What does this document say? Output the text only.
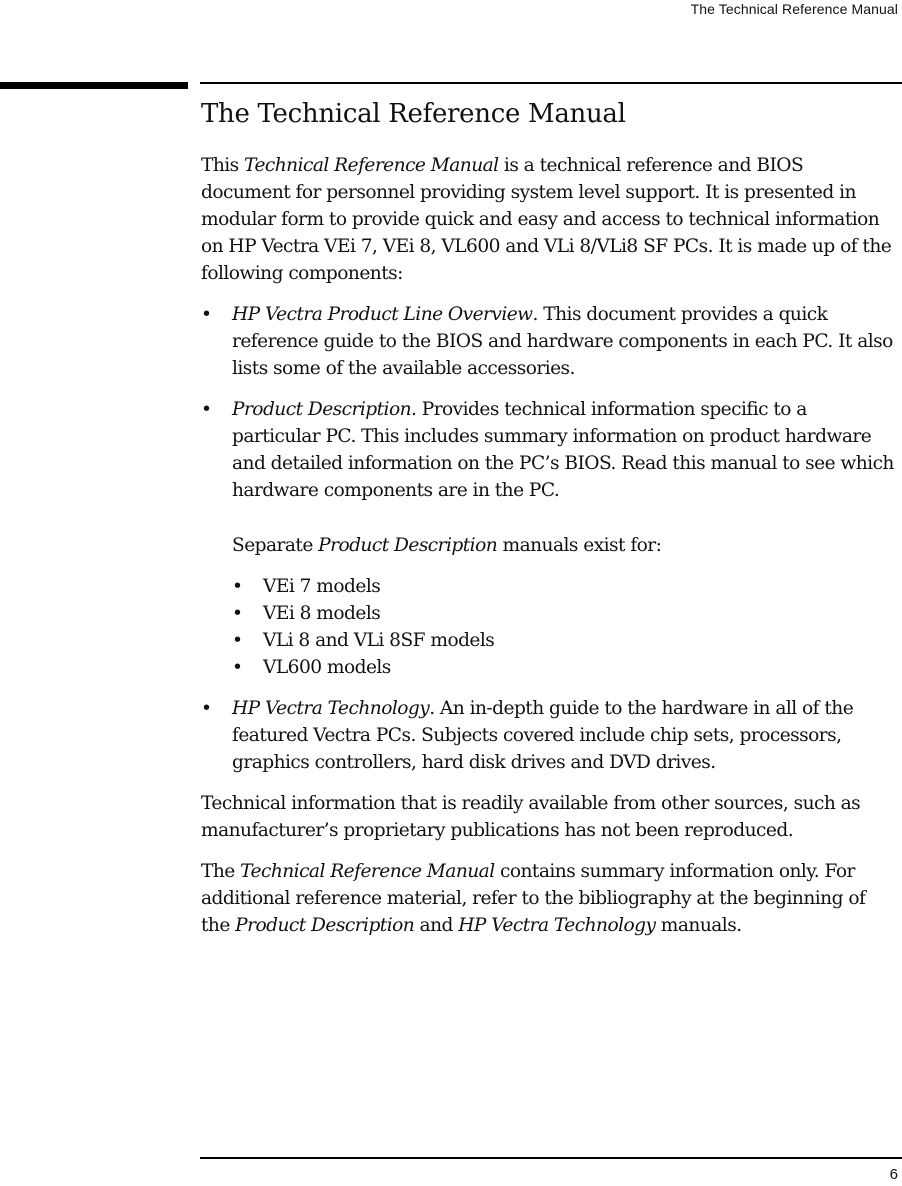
The Technical Reference Manual
The Technical Reference Manual

This Technical Reference Manual is a technical reference and BIOS document for personnel providing system level support. It is presented in modular form to provide quick and easy and access to technical information on HP Vectra VEi 7, VEi 8, VL600 and VLi 8/VLi8 SF PCs. It is made up of the following components:

• HP Vectra Product Line Overview. This document provides a quick reference guide to the BIOS and hardware components in each PC. It also lists some of the available accessories.
• Product Description. Provides technical information specific to a particular PC. This includes summary information on product hardware and detailed information on the PC’s BIOS. Read this manual to see which hardware components are in the PC.
Separate Product Description manuals exist for:
• VEi 7 models
• VEi 8 models
• VLi 8 and VLi 8SF models
• VL600 models
• HP Vectra Technology. An in-depth guide to the hardware in all of the featured Vectra PCs. Subjects covered include chip sets, processors, graphics controllers, hard disk drives and DVD drives.

Technical information that is readily available from other sources, such as manufacturer’s proprietary publications has not been reproduced.

The Technical Reference Manual contains summary information only. For additional reference material, refer to the bibliography at the beginning of the Product Description and HP Vectra Technology manuals.

6
